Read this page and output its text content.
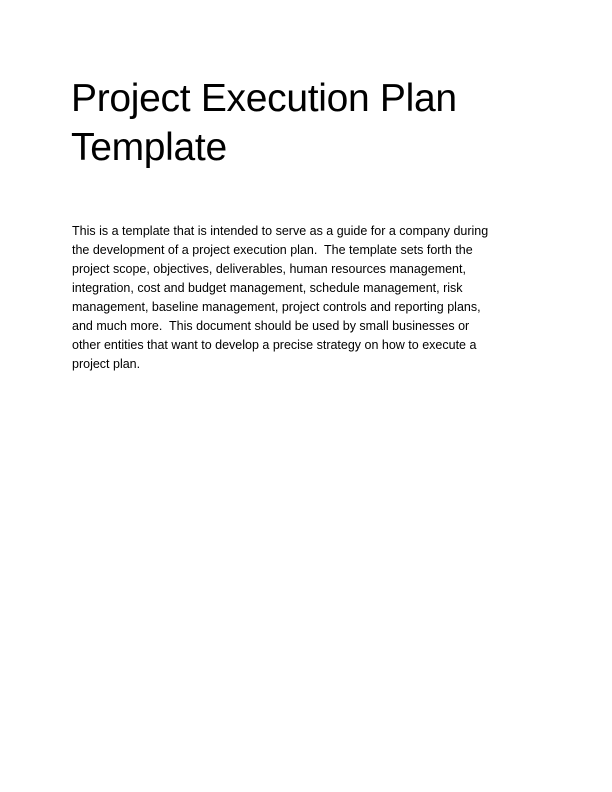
Project Execution Plan
Template
This is a template that is intended to serve as a guide for a company during
the development of a project execution plan.  The template sets forth the
project scope, objectives, deliverables, human resources management,
integration, cost and budget management, schedule management, risk
management, baseline management, project controls and reporting plans,
and much more.  This document should be used by small businesses or
other entities that want to develop a precise strategy on how to execute a
project plan.
